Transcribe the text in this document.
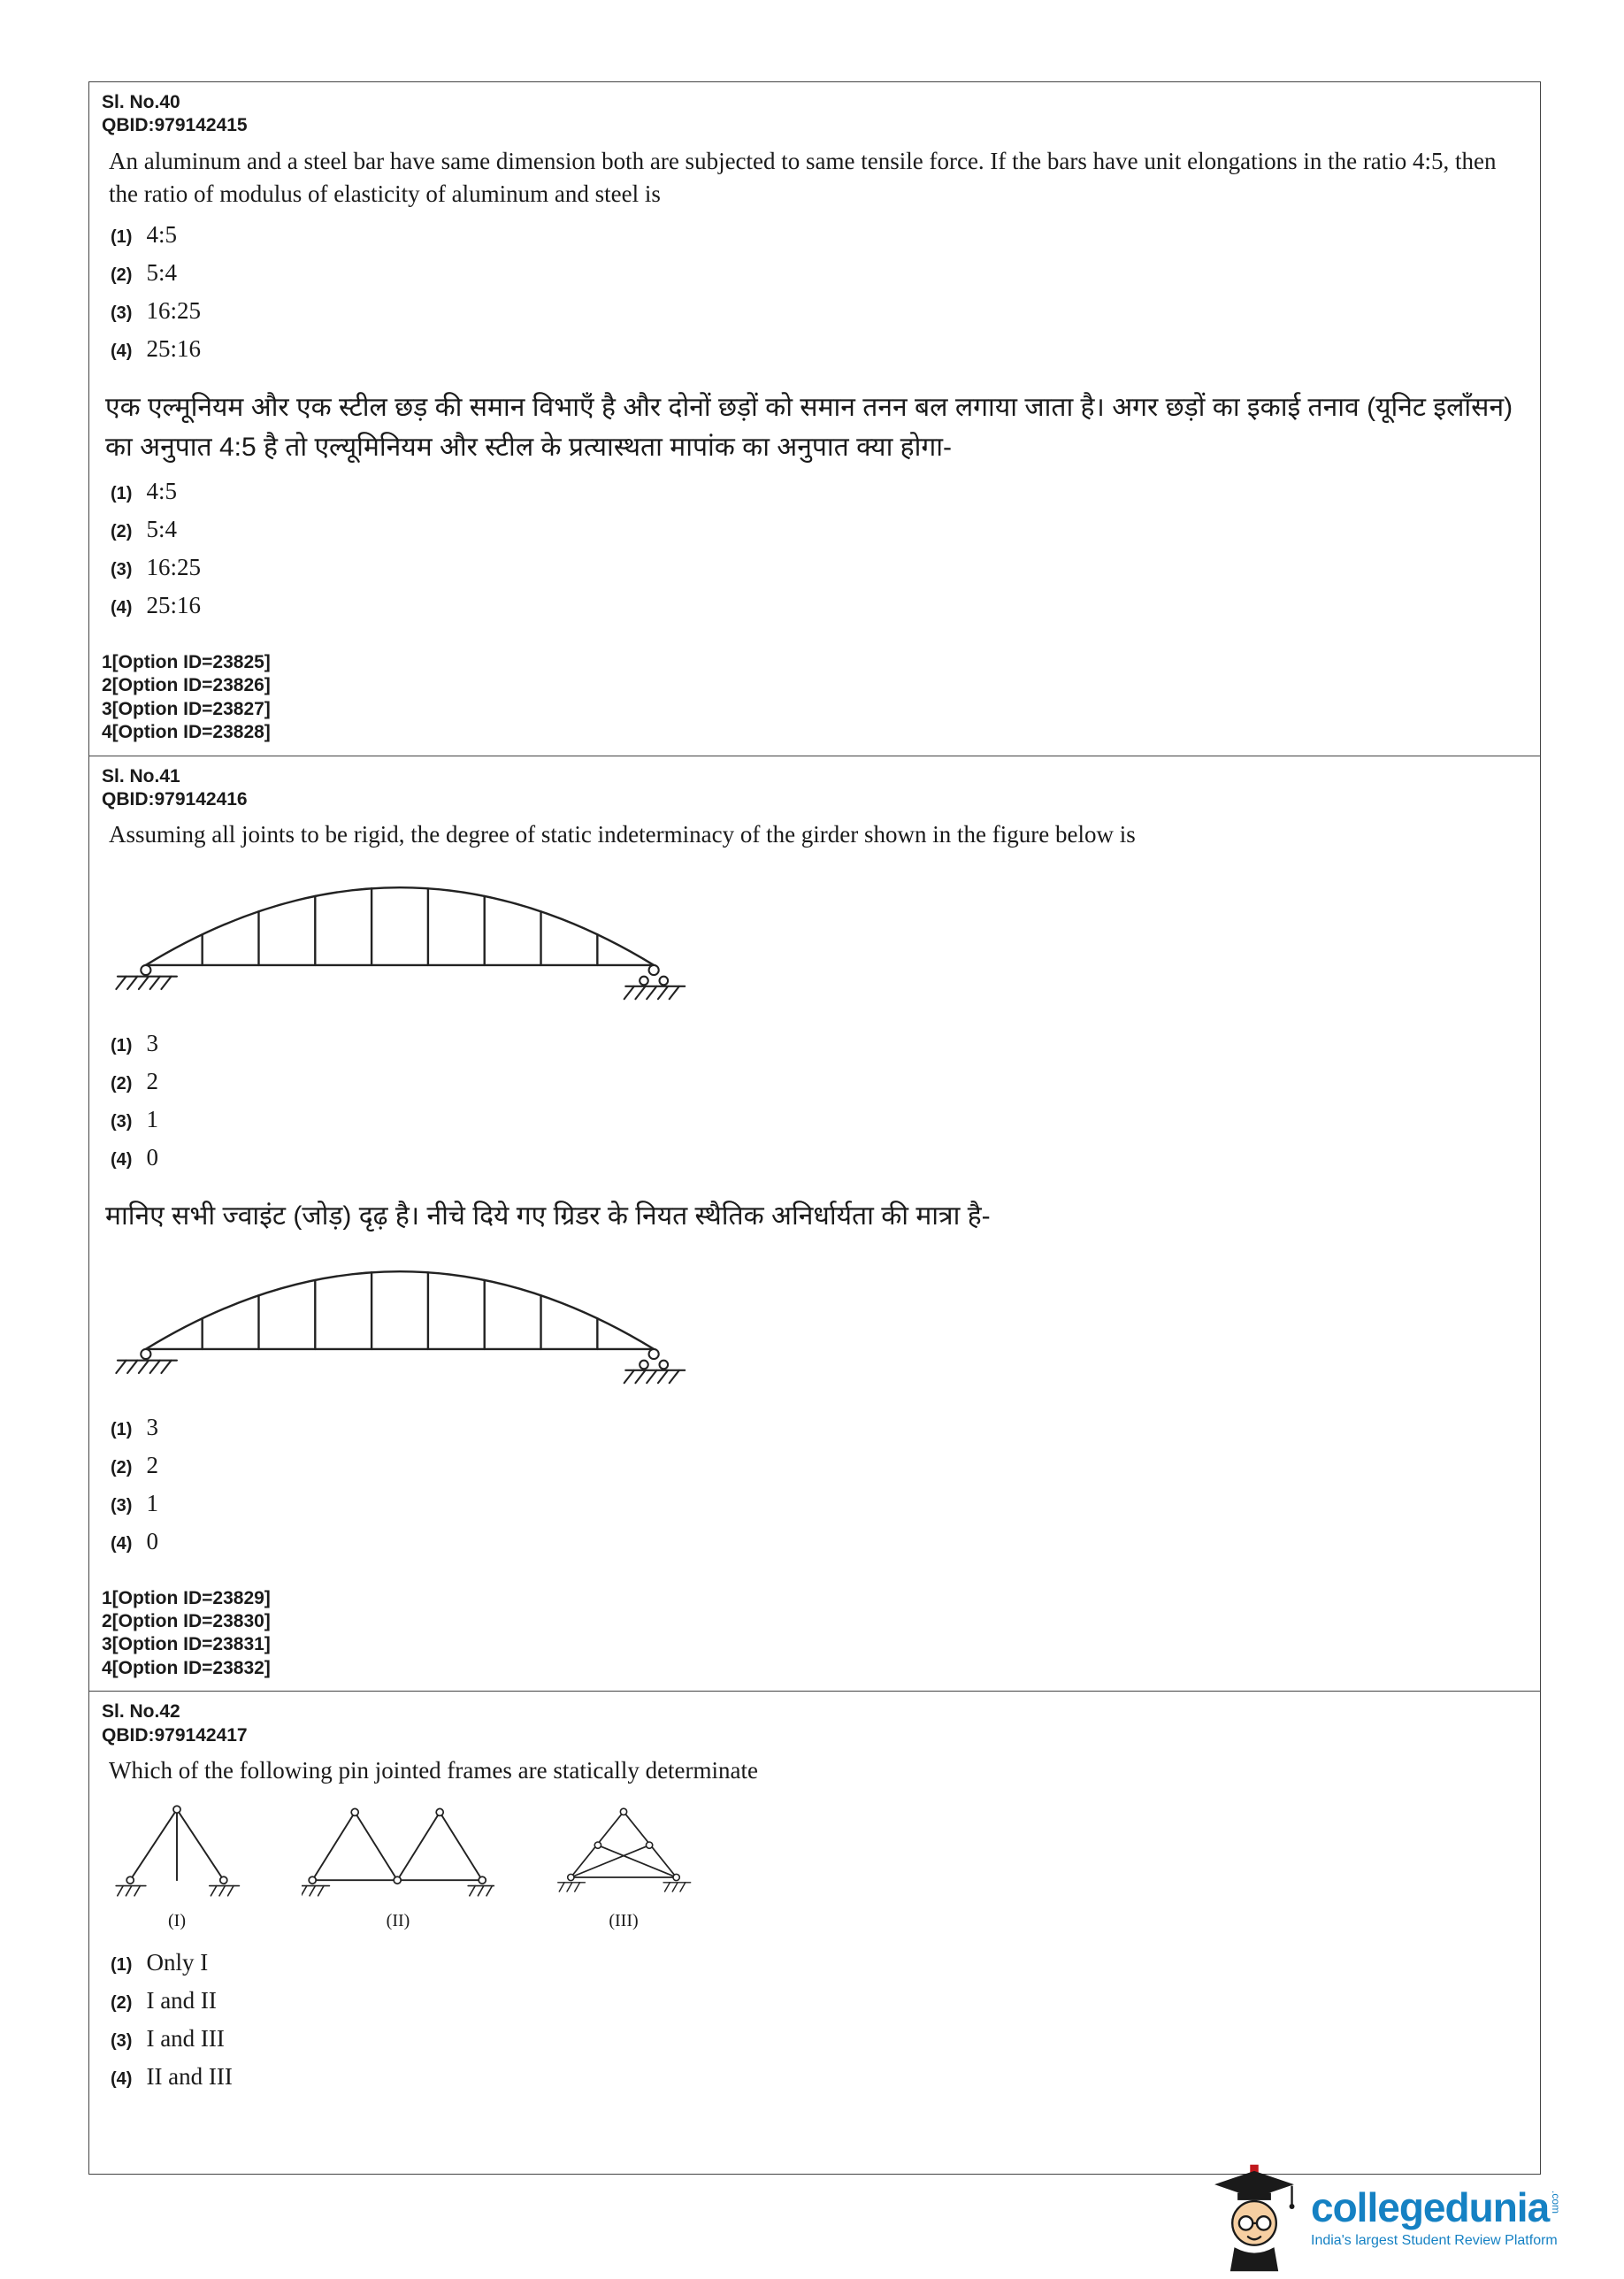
Sl. No.40
QBID:979142415

An aluminum and a steel bar have same dimension both are subjected to same tensile force. If the bars have unit elongations in the ratio 4:5, then the ratio of modulus of elasticity of aluminum and steel is

(1) 4:5
(2) 5:4
(3) 16:25
(4) 25:16

एक एल्मूनियम और एक स्टील छड़ की समान विभाएँ है और दोनों छड़ों को समान तनन बल लगाया जाता है। अगर छड़ों का इकाई तनाव (यूनिट इलॉंसन) का अनुपात 4:5 है तो एल्यूमिनियम और स्टील के प्रत्यास्थता मापांक का अनुपात क्या होगा-

(1) 4:5
(2) 5:4
(3) 16:25
(4) 25:16
1[Option ID=23825]
2[Option ID=23826]
3[Option ID=23827]
4[Option ID=23828]
Sl. No.41
QBID:979142416

Assuming all joints to be rigid, the degree of static indeterminacy of the girder shown in the figure below is

(1) 3
(2) 2
(3) 1
(4) 0

मानिए सभी ज्वाइंट (जोड़) दृढ़ है। नीचे दिये गए ग्रिडर के नियत स्थैतिक अनिर्धार्यता की मात्रा है-

(1) 3
(2) 2
(3) 1
(4) 0
1[Option ID=23829]
2[Option ID=23830]
3[Option ID=23831]
4[Option ID=23832]
Sl. No.42
QBID:979142417

Which of the following pin jointed frames are statically determinate

(I)	(II)	(III)
(1) Only I
(2) I and II
(3) I and III
(4) II and III
collegedunia .com
India's largest Student Review Platform
